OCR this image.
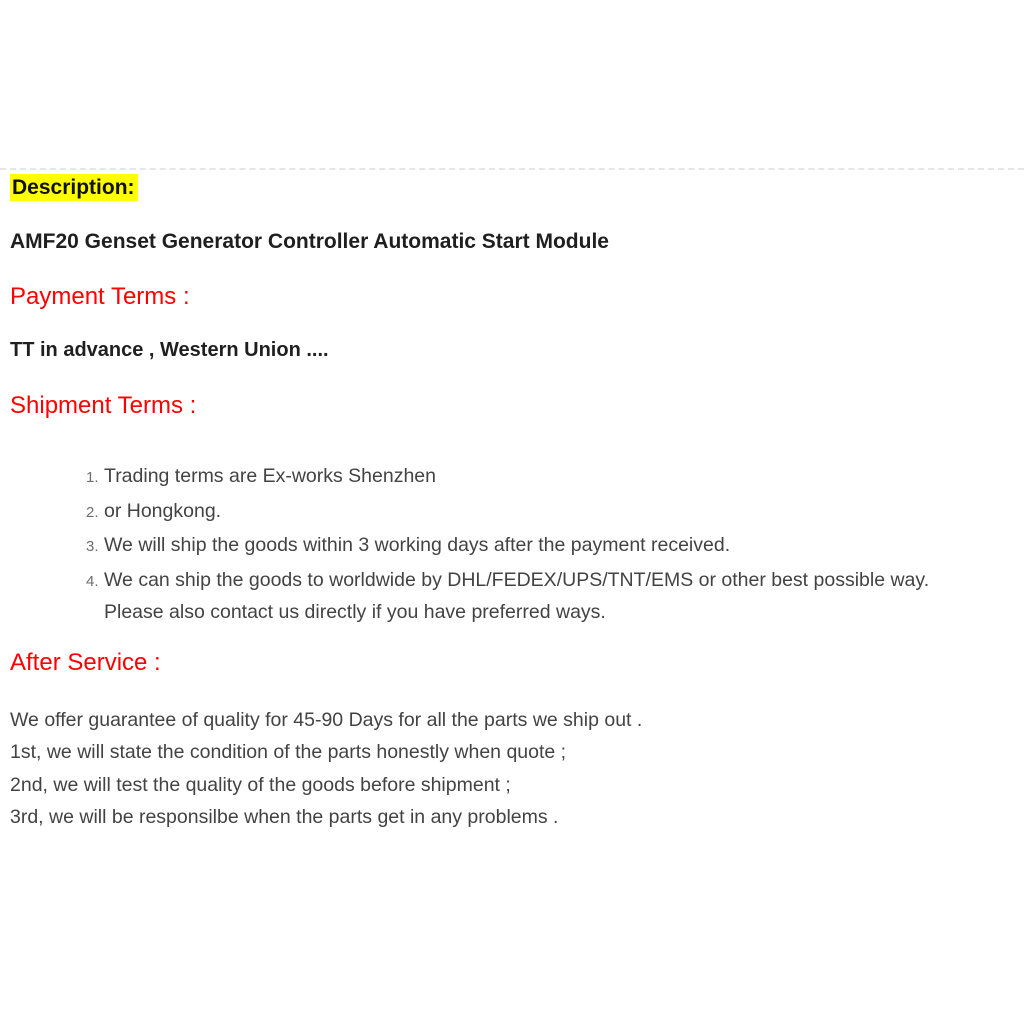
Description:
AMF20 Genset Generator Controller Automatic Start Module
Payment Terms :
TT in advance , Western Union ....
Shipment Terms :
1. Trading terms are Ex-works Shenzhen
2. or Hongkong.
3. We will ship the goods within 3 working days after the payment received.
4. We can ship the goods to worldwide by DHL/FEDEX/UPS/TNT/EMS or other best possible way. Please also contact us directly if you have preferred ways.
After Service :
We offer guarantee of quality for 45-90 Days for all the parts we ship out .
1st, we will state the condition of the parts honestly when quote ;
2nd, we will test the quality of the goods before shipment ;
3rd, we will be responsilbe when the parts get in any problems .
